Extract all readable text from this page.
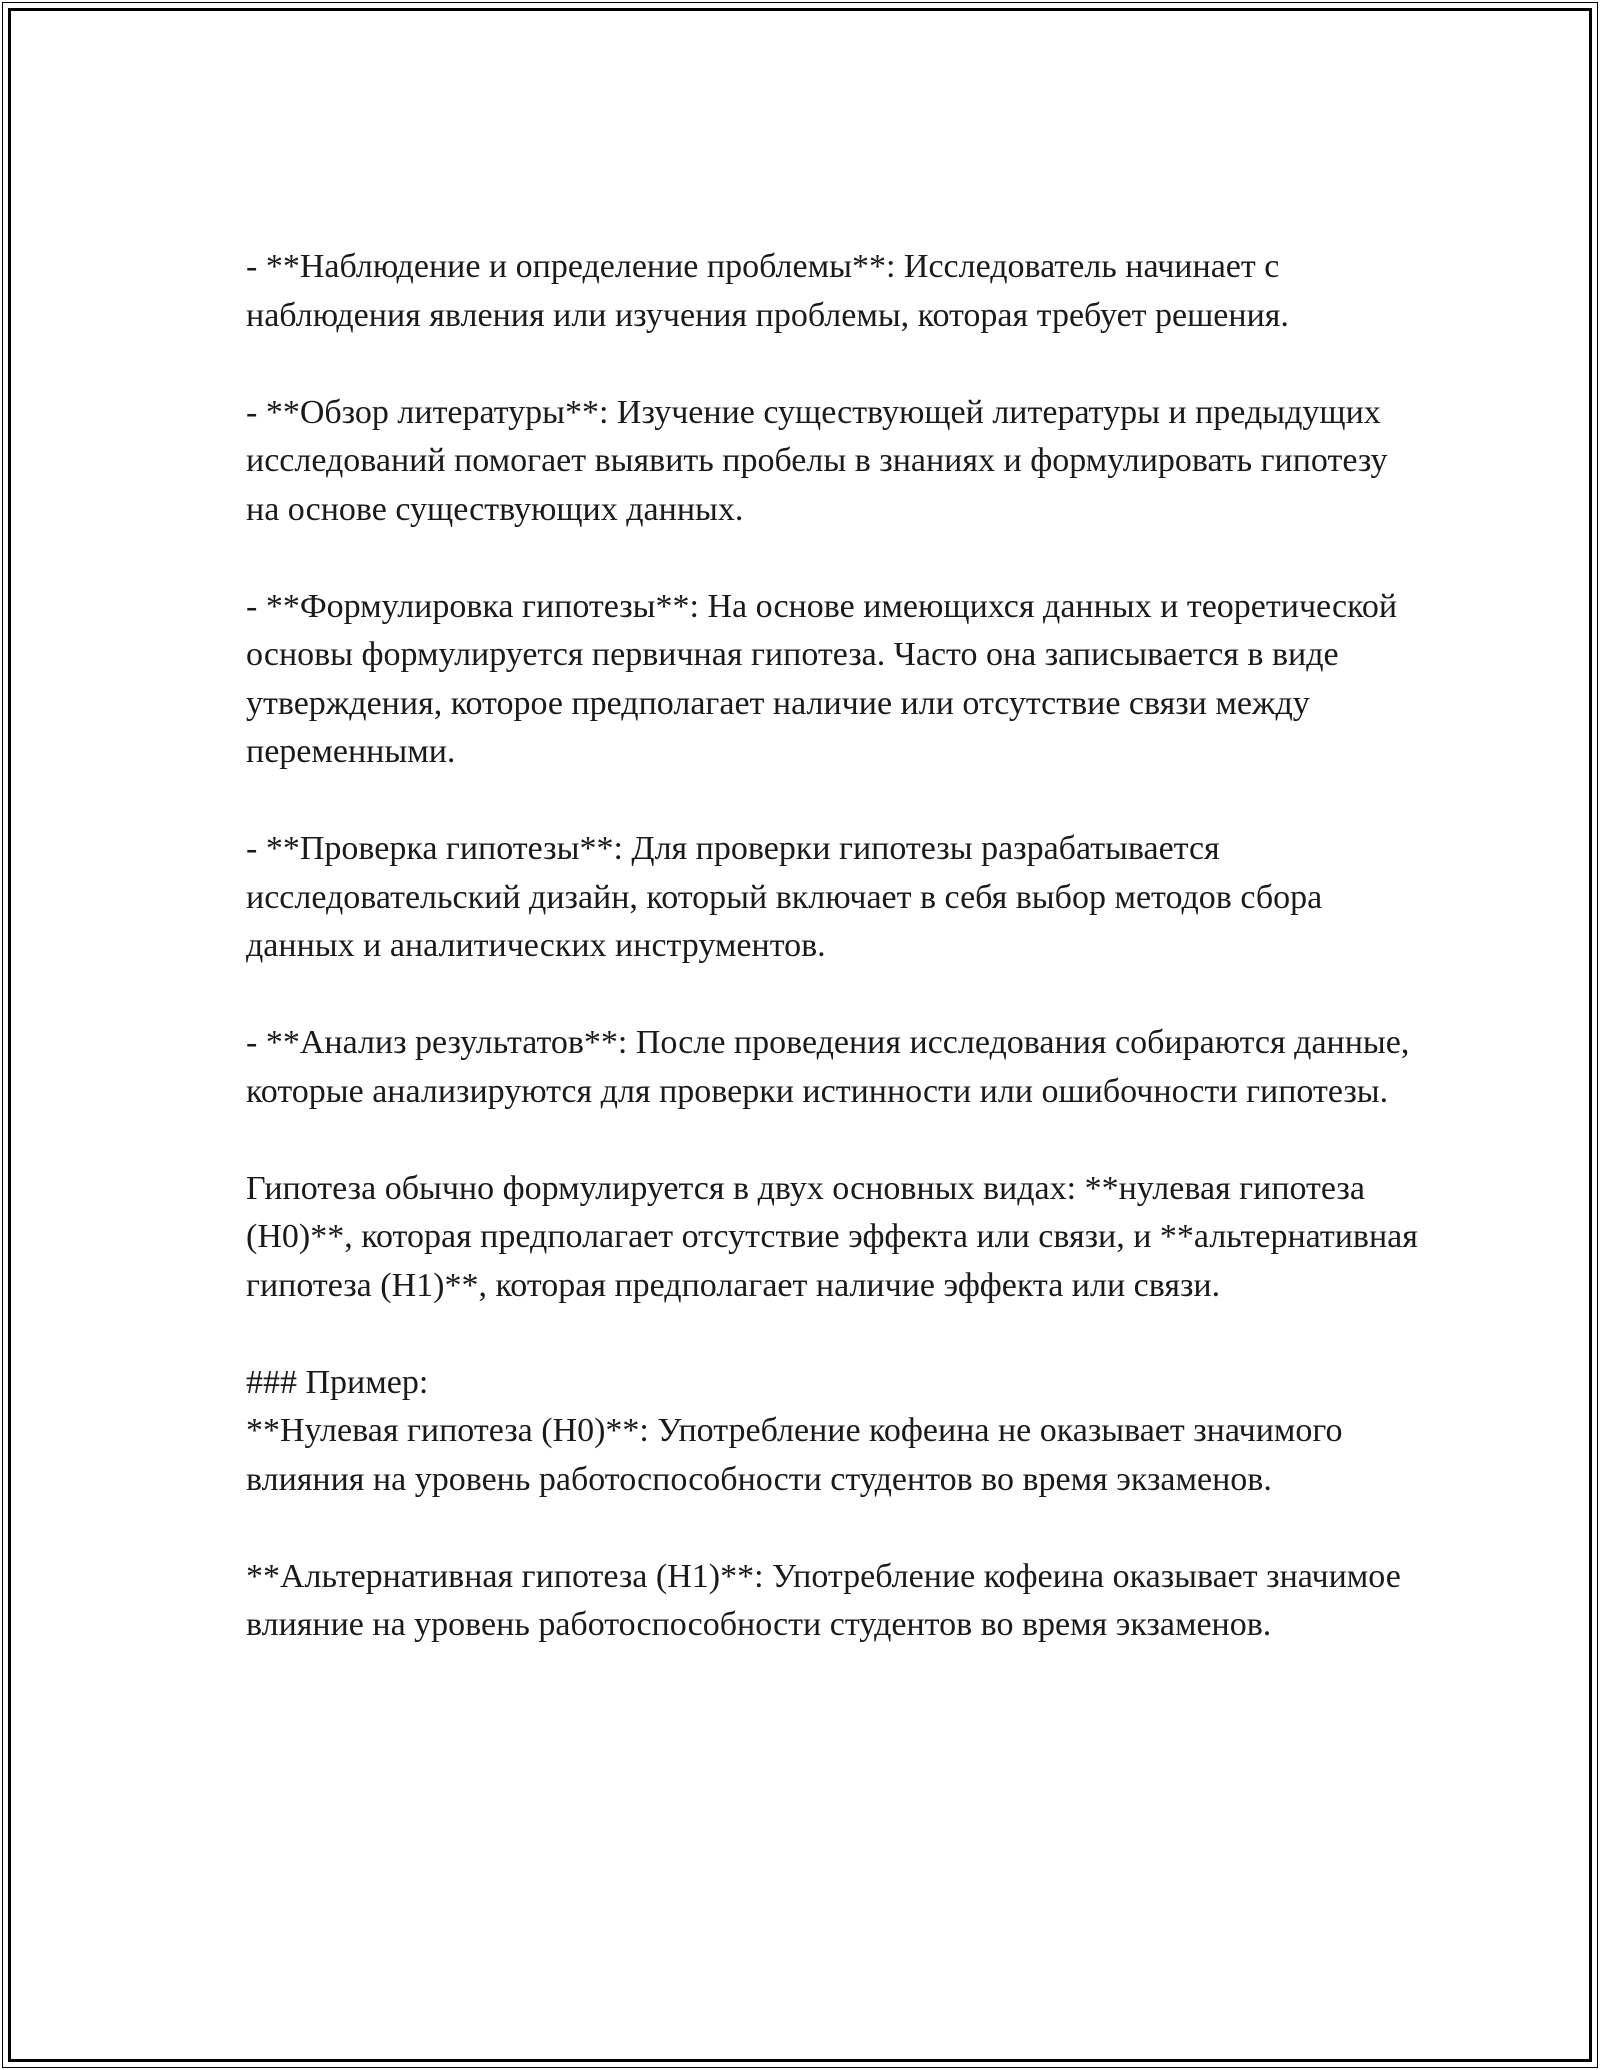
- **Наблюдение и определение проблемы**: Исследователь начинает с наблюдения явления или изучения проблемы, которая требует решения.

- **Обзор литературы**: Изучение существующей литературы и предыдущих исследований помогает выявить пробелы в знаниях и формулировать гипотезу на основе существующих данных.

- **Формулировка гипотезы**: На основе имеющихся данных и теоретической основы формулируется первичная гипотеза. Часто она записывается в виде утверждения, которое предполагает наличие или отсутствие связи между переменными.

- **Проверка гипотезы**: Для проверки гипотезы разрабатывается исследовательский дизайн, который включает в себя выбор методов сбора данных и аналитических инструментов.

- **Анализ результатов**: После проведения исследования собираются данные, которые анализируются для проверки истинности или ошибочности гипотезы.

Гипотеза обычно формулируется в двух основных видах: **нулевая гипотеза (H0)**, которая предполагает отсутствие эффекта или связи, и **альтернативная гипотеза (H1)**, которая предполагает наличие эффекта или связи.

### Пример:

**Нулевая гипотеза (H0)**: Употребление кофеина не оказывает значимого влияния на уровень работоспособности студентов во время экзаменов.

**Альтернативная гипотеза (H1)**: Употребление кофеина оказывает значимое влияние на уровень работоспособности студентов во время экзаменов.
